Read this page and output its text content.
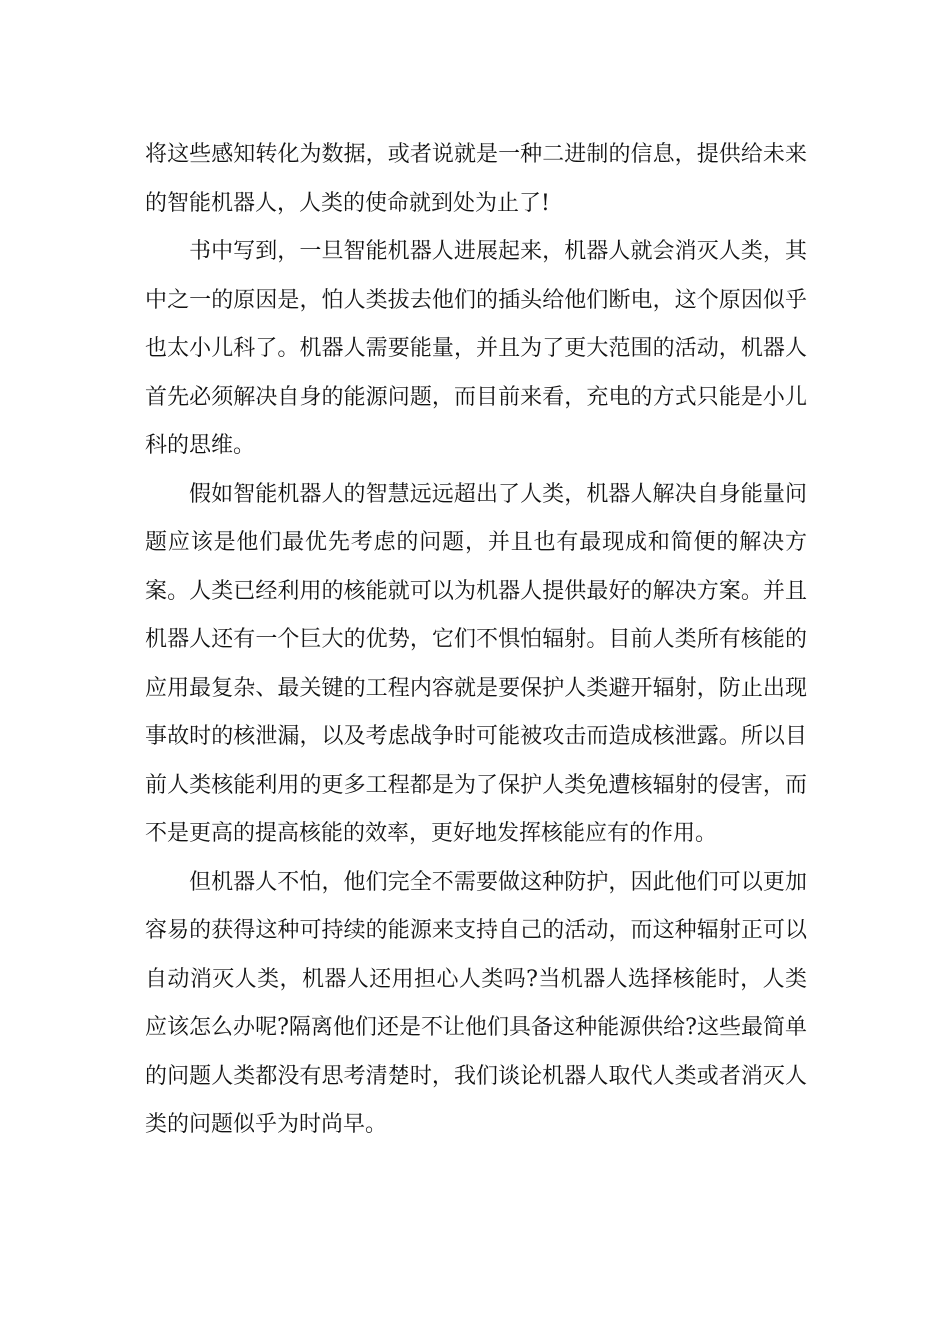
将这些感知转化为数据，或者说就是一种二进制的信息，提供给未来的智能机器人，人类的使命就到处为止了!

书中写到，一旦智能机器人进展起来，机器人就会消灭人类，其中之一的原因是，怕人类拔去他们的插头给他们断电，这个原因似乎也太小儿科了。机器人需要能量，并且为了更大范围的活动，机器人首先必须解决自身的能源问题，而目前来看，充电的方式只能是小儿科的思维。

假如智能机器人的智慧远远超出了人类，机器人解决自身能量问题应该是他们最优先考虑的问题，并且也有最现成和简便的解决方案。人类已经利用的核能就可以为机器人提供最好的解决方案。并且机器人还有一个巨大的优势，它们不惧怕辐射。目前人类所有核能的应用最复杂、最关键的工程内容就是要保护人类避开辐射，防止出现事故时的核泄漏，以及考虑战争时可能被攻击而造成核泄露。所以目前人类核能利用的更多工程都是为了保护人类免遭核辐射的侵害，而不是更高的提高核能的效率，更好地发挥核能应有的作用。

但机器人不怕，他们完全不需要做这种防护，因此他们可以更加容易的获得这种可持续的能源来支持自己的活动，而这种辐射正可以自动消灭人类，机器人还用担心人类吗?当机器人选择核能时，人类应该怎么办呢?隔离他们还是不让他们具备这种能源供给?这些最简单的问题人类都没有思考清楚时，我们谈论机器人取代人类或者消灭人类的问题似乎为时尚早。
